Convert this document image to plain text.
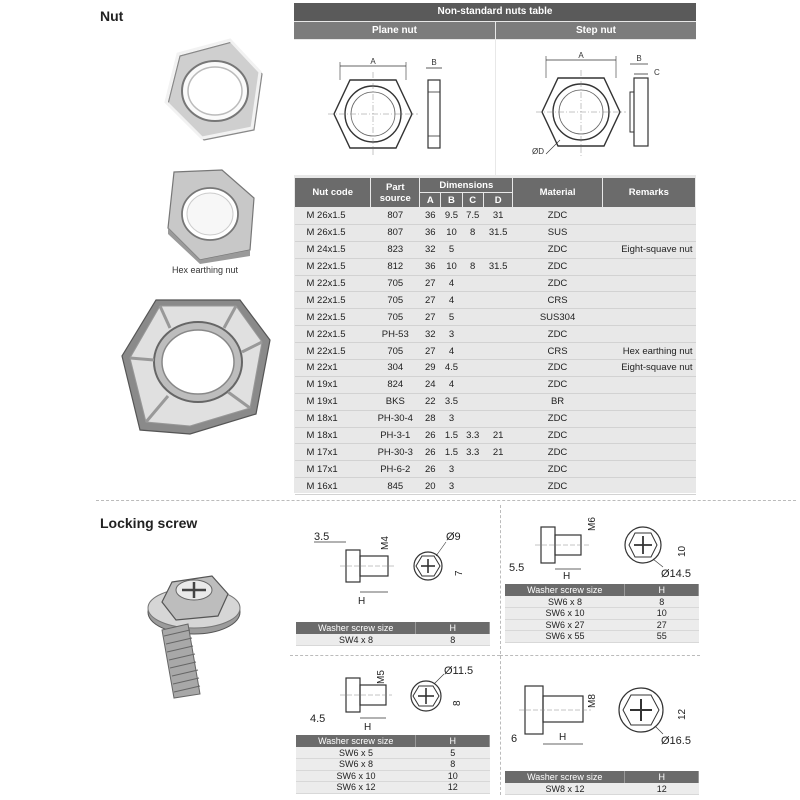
Nut
Hex earthing nut
Non-standard nuts table
Plane nut	Step nut
A	B
A
ØD
B
C
Nut code	Part source	Dimensions				Material	Remarks
		A	B	C	D		
M 26x1.5	807	36	9.5	7.5	31	ZDC	
M 26x1.5	807	36	10	8	31.5	SUS	
M 24x1.5	823	32	5			ZDC	Eight-squave nut
M 22x1.5	812	36	10	8	31.5	ZDC	
M 22x1.5	705	27	4			ZDC	
M 22x1.5	705	27	4			CRS	
M 22x1.5	705	27	5			SUS304	
M 22x1.5	PH-53	32	3			ZDC	
M 22x1.5	705	27	4			CRS	Hex earthing nut
M 22x1	304	29	4.5			ZDC	Eight-squave nut
M 19x1	824	24	4			ZDC	
M 19x1	BKS	22	3.5			BR	
M 18x1	PH-30-4	28	3			ZDC	
M 18x1	PH-3-1	26	1.5	3.3	21	ZDC	
M 17x1	PH-30-3	26	1.5	3.3	21	ZDC	
M 17x1	PH-6-2	26	3			ZDC	
M 16x1	845	20	3			ZDC	
Locking screw
3.5	M4
H
Ø9
7	5.5
M6
H	Ø14.5
10
4.5
M5
H
Ø11.5
8
6
M8
H	Ø16.5
12
Washer screw size	H
SW4 x 8	8
Washer screw size	H
SW6 x 8	8
SW6 x 10	10
SW6 x 27	27
SW6 x 55	55
Washer screw size	H
SW6 x 5	5
SW6 x 8	8
SW6 x 10	10
SW6 x 12	12
Washer screw size	H
SW8 x 12	12
